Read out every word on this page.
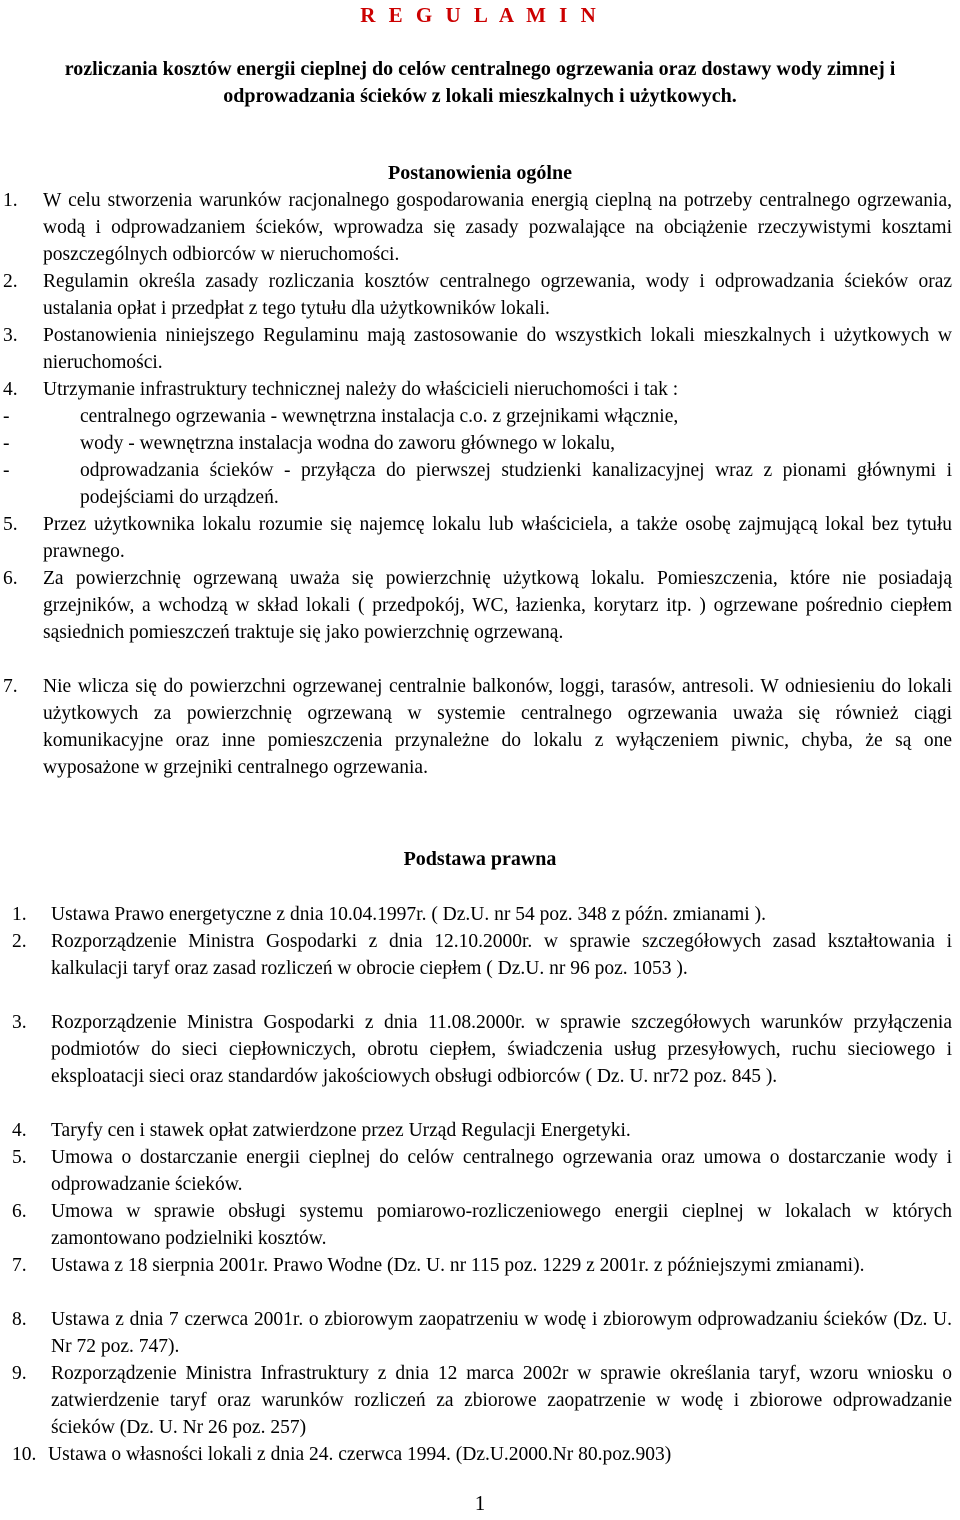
R E G U L A M I N

rozliczania kosztów energii cieplnej do celów centralnego ogrzewania oraz dostawy wody zimnej i odprowadzania ścieków z lokali mieszkalnych i użytkowych.

Postanowienia ogólne
1. W celu stworzenia warunków racjonalnego gospodarowania energią cieplną na potrzeby centralnego ogrzewania, wodą i odprowadzaniem ścieków, wprowadza się zasady pozwalające na obciążenie rzeczywistymi kosztami poszczególnych odbiorców w nieruchomości.
2. Regulamin określa zasady rozliczania kosztów centralnego ogrzewania, wody i odprowadzania ścieków oraz ustalania opłat i przedpłat z tego tytułu dla użytkowników lokali.
3. Postanowienia niniejszego Regulaminu mają zastosowanie do wszystkich lokali mieszkalnych i użytkowych w nieruchomości.
4. Utrzymanie infrastruktury technicznej należy do właścicieli nieruchomości i tak :
-	centralnego ogrzewania - wewnętrzna instalacja c.o. z grzejnikami włącznie,
-	wody - wewnętrzna instalacja wodna do zaworu głównego w lokalu,
-	odprowadzania ścieków - przyłącza do pierwszej studzienki kanalizacyjnej wraz z pionami głównymi i podejściami do urządzeń.
5. Przez użytkownika lokalu rozumie się najemcę lokalu lub właściciela, a także osobę zajmującą lokal bez tytułu prawnego.
6. Za powierzchnię ogrzewaną uważa się powierzchnię użytkową lokalu. Pomieszczenia, które nie posiadają grzejników, a wchodzą w skład lokali ( przedpokój, WC, łazienka, korytarz itp. ) ogrzewane pośrednio ciepłem sąsiednich pomieszczeń traktuje się jako powierzchnię ogrzewaną.
7. Nie wlicza się do powierzchni ogrzewanej centralnie balkonów, loggi, tarasów, antresoli. W odniesieniu do lokali użytkowych za powierzchnię ogrzewaną w systemie centralnego ogrzewania uważa się również ciągi komunikacyjne oraz inne pomieszczenia przynależne do lokalu z wyłączeniem piwnic, chyba, że są one wyposażone w grzejniki centralnego ogrzewania.
Podstawa prawna
1. Ustawa Prawo energetyczne z dnia 10.04.1997r. ( Dz.U. nr 54 poz. 348 z późn. zmianami ).
2. Rozporządzenie Ministra Gospodarki z dnia 12.10.2000r. w sprawie szczegółowych zasad kształtowania i kalkulacji taryf oraz zasad rozliczeń w obrocie ciepłem ( Dz.U. nr 96 poz. 1053 ).
3. Rozporządzenie Ministra Gospodarki z dnia 11.08.2000r. w sprawie szczegółowych warunków przyłączenia podmiotów do sieci ciepłowniczych, obrotu ciepłem, świadczenia usług przesyłowych, ruchu sieciowego i eksploatacji sieci oraz standardów jakościowych obsługi odbiorców ( Dz. U. nr72 poz. 845 ).
4. Taryfy cen i stawek opłat zatwierdzone przez Urząd Regulacji Energetyki.
5. Umowa o dostarczanie energii cieplnej do celów centralnego ogrzewania oraz umowa o dostarczanie wody i odprowadzanie ścieków.
6. Umowa w sprawie obsługi systemu pomiarowo-rozliczeniowego energii cieplnej w lokalach w których zamontowano podzielniki kosztów.
7. Ustawa z 18 sierpnia 2001r. Prawo Wodne (Dz. U. nr 115 poz. 1229 z 2001r. z późniejszymi zmianami).
8. Ustawa z dnia 7 czerwca 2001r. o zbiorowym zaopatrzeniu w wodę i zbiorowym odprowadzaniu ścieków (Dz. U. Nr 72 poz. 747).
9. Rozporządzenie Ministra Infrastruktury z dnia 12 marca 2002r w sprawie określania taryf, wzoru wniosku o zatwierdzenie taryf oraz warunków rozliczeń za zbiorowe zaopatrzenie w wodę i zbiorowe odprowadzanie ścieków (Dz. U. Nr 26 poz. 257)
10. Ustawa o własności lokali z dnia 24. czerwca 1994. (Dz.U.2000.Nr 80.poz.903)
1
